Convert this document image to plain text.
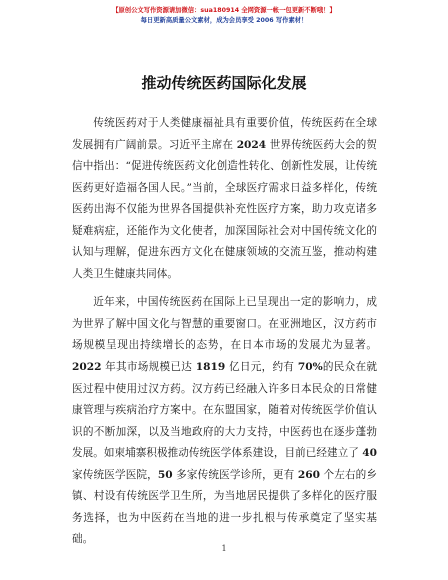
【原创公文写作资源请加微信：sua180914 全网资源一帐一包更新不断哦！】
每日更新高质量公文素材，成为会员享受 2006 写作素材！
推动传统医药国际化发展

传统医药对于人类健康福祉具有重要价值，传统医药在全球发展拥有广阔前景。习近平主席在 2024 世界传统医药大会的贺信中指出：“促进传统医药文化创造性转化、创新性发展，让传统医药更好造福各国人民。”当前，全球医疗需求日益多样化，传统医药出海不仅能为世界各国提供补充性医疗方案，助力攻克诸多疑难病症，还能作为文化使者，加深国际社会对中国传统文化的认知与理解，促进东西方文化在健康领域的交流互鉴，推动构建人类卫生健康共同体。

近年来，中国传统医药在国际上已呈现出一定的影响力，成为世界了解中国文化与智慧的重要窗口。在亚洲地区，汉方药市场规模呈现出持续增长的态势，在日本市场的发展尤为显著。2022 年其市场规模已达 1819 亿日元，约有 70%的民众在就医过程中使用过汉方药。汉方药已经融入许多日本民众的日常健康管理与疾病治疗方案中。在东盟国家，随着对传统医学价值认识的不断加深，以及当地政府的大力支持，中医药也在逐步蓬勃发展。如柬埔寨积极推动传统医学体系建设，目前已经建立了 40 家传统医学医院，50 多家传统医学诊所，更有 260 个左右的乡镇、村设有传统医学卫生所，为当地居民提供了多样化的医疗服务选择，也为中医药在当地的进一步扎根与传承奠定了坚实基础。

1
